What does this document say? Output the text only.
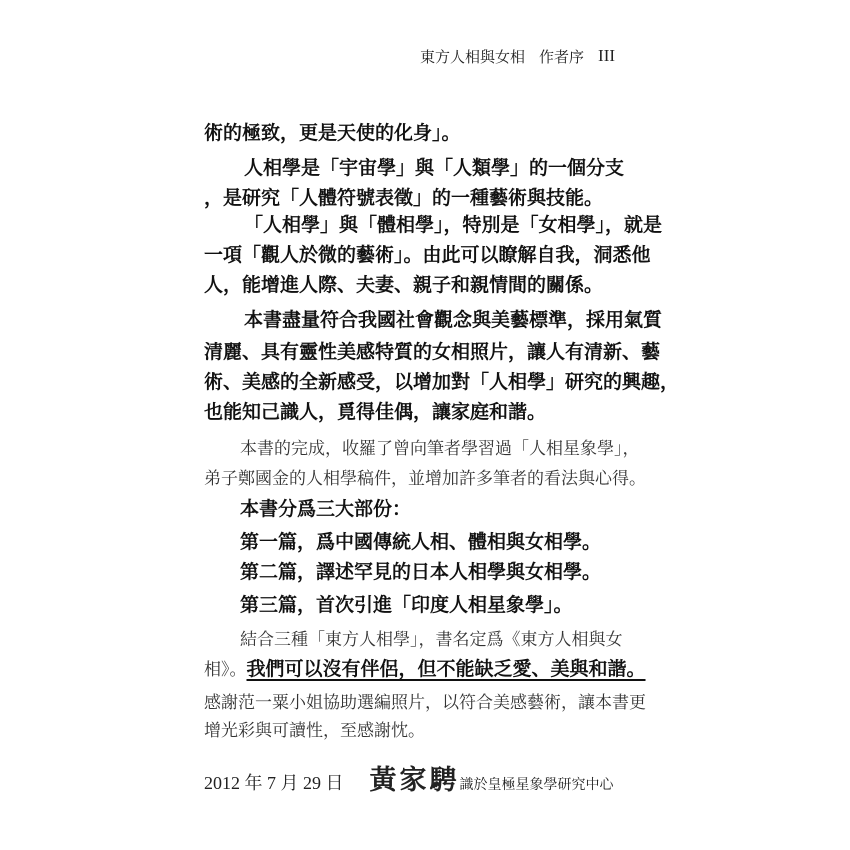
東方人相與女相 作者序 III
術的極致，更是天使的化身」。
人相學是「宇宙學」與「人類學」的一個分支
，是研究「人體符號表徵」的一種藝術與技能。
「人相學」與「體相學」，特別是「女相學」，就是
一項「觀人於微的藝術」。由此可以瞭解自我，洞悉他
人，能增進人際、夫妻、親子和親情間的關係。
本書盡量符合我國社會觀念與美藝標準，採用氣質
清麗、具有靈性美感特質的女相照片，讓人有清新、藝
術、美感的全新感受，以增加對「人相學」研究的興趣，
也能知己識人，覓得佳偶，讓家庭和諧。
本書的完成，收羅了曾向筆者學習過「人相星象學」，
弟子鄭國金的人相學稿件，並增加許多筆者的看法與心得。
本書分爲三大部份：
第一篇，爲中國傳統人相、體相與女相學。
第二篇，譯述罕見的日本人相學與女相學。
第三篇，首次引進「印度人相星象學」。
結合三種「東方人相學」，書名定爲《東方人相與女
相》。我們可以沒有伴侶，但不能缺乏愛、美與和諧。
感謝范一粟小姐協助選編照片，以符合美感藝術，讓本書更
增光彩與可讀性，至感謝忱。
2012 年 7 月 29 日 黃家騁 識於皇極星象學研究中心
